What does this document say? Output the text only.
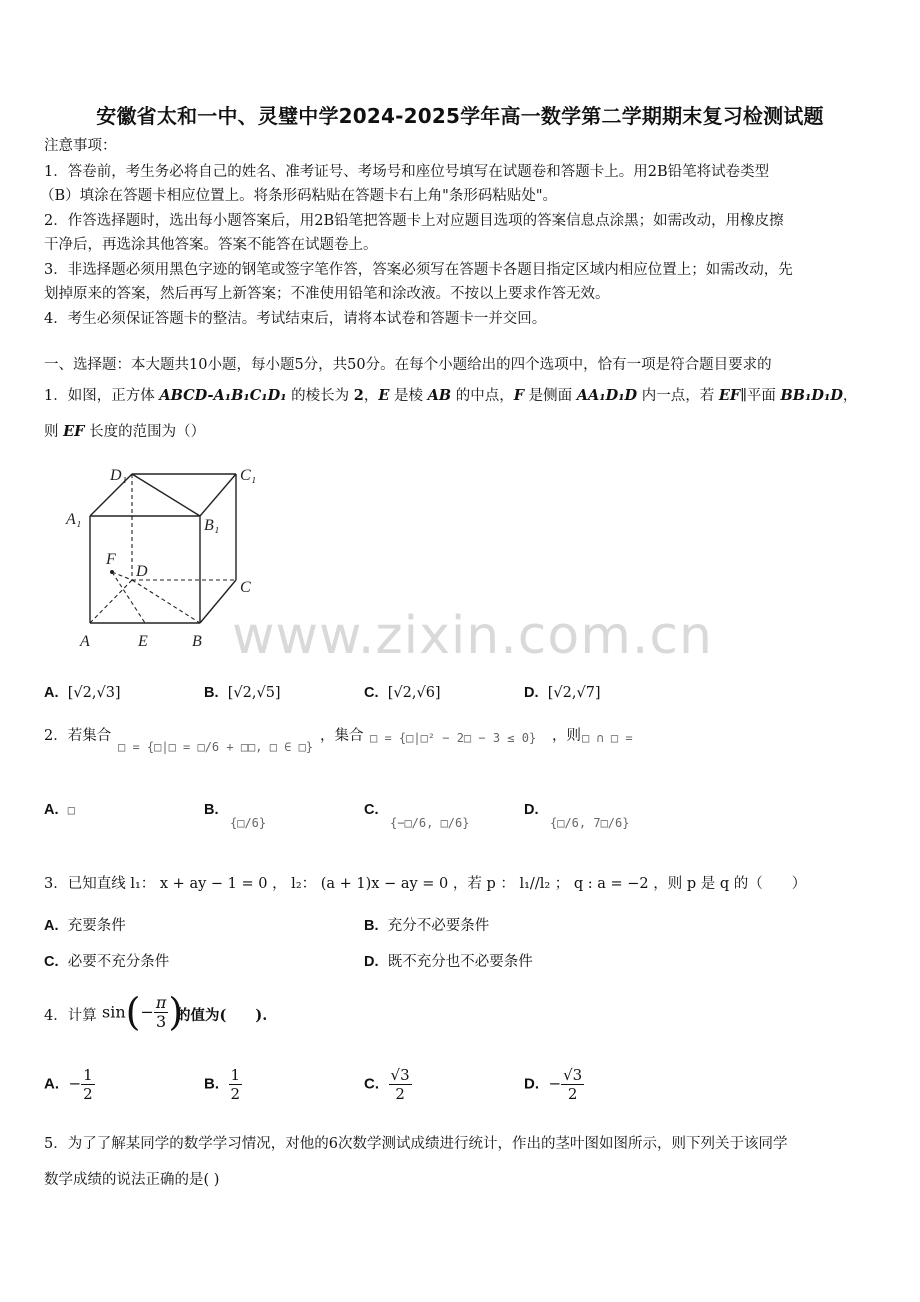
安徽省太和一中、灵璧中学2024-2025学年高一数学第二学期期末复习检测试题
注意事项：
1．答卷前，考生务必将自己的姓名、准考证号、考场号和座位号填写在试题卷和答题卡上。用2B铅笔将试卷类型
（B）填涂在答题卡相应位置上。将条形码粘贴在答题卡右上角"条形码粘贴处"。
2．作答选择题时，选出每小题答案后，用2B铅笔把答题卡上对应题目选项的答案信息点涂黑；如需改动，用橡皮擦
干净后，再选涂其他答案。答案不能答在试题卷上。
3．非选择题必须用黑色字迹的钢笔或签字笔作答，答案必须写在答题卡各题目指定区域内相应位置上；如需改动，先
划掉原来的答案，然后再写上新答案；不准使用铅笔和涂改液。不按以上要求作答无效。
4．考生必须保证答题卡的整洁。考试结束后，请将本试卷和答题卡一并交回。
一、选择题：本大题共10小题，每小题5分，共50分。在每个小题给出的四个选项中，恰有一项是符合题目要求的
1．如图，正方体 ABCD-A₁B₁C₁D₁ 的棱长为 2，E 是棱 AB 的中点，F 是侧面 AA₁D₁D 内一点，若 EF∥平面 BB₁D₁D，
则 EF 长度的范围为（）
D₁	C₁
A₁	B₁
F
D
C
A	E	B www.zixin.com.cn
A. [√2,√3]	B. [√2,√5]	C. [√2,√6]	D. [√2,√7]
2．若集合
□ = {□|□ = □/6 + □□, □ ∈ □}
，集合 □ = {□|□² − 2□ − 3 ≤ 0} ，则 □ ∩ □ =
A. □	B.
{□/6}
C.
{−□/6, □/6}
D.
{□/6, 7□/6}
3．已知直线 l₁： x + ay − 1 = 0 ， l₂： (a + 1)x − ay = 0 ，若 p ： l₁//l₂ ； q : a = −2 ，则 p 是 q 的（　　）
A. 充要条件	B. 充分不必要条件
C. 必要不充分条件	D. 既不充分也不必要条件
4．计算 $\sin(- \frac{\pi}{3}$ )
的值为(　　).
A. − $\frac{1}{2}$	B. $\frac{1}{2}$	C. $\frac{√3}{2}$	D. − $\frac{√3}{2}$
5．为了了解某同学的数学学习情况，对他的6次数学测试成绩进行统计，作出的茎叶图如图所示，则下列关于该同学
数学成绩的说法正确的是( )
